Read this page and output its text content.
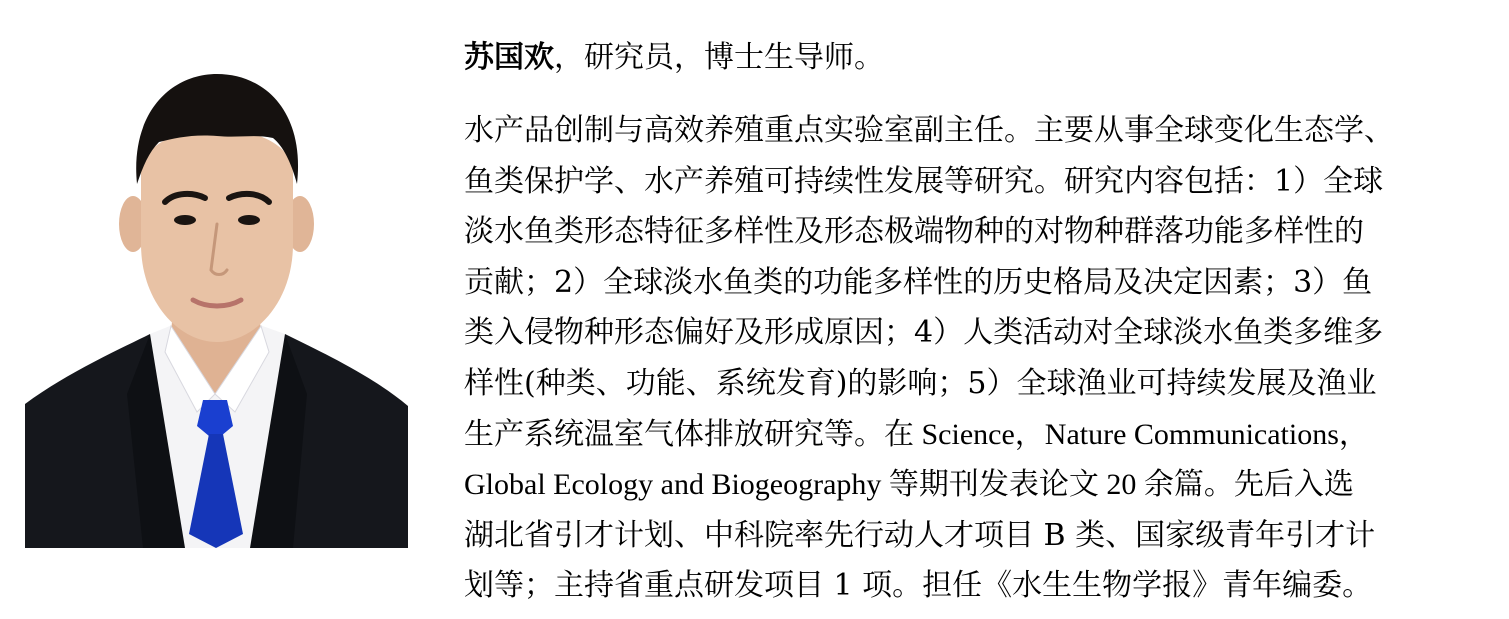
苏国欢，研究员，博士生导师。

水产品创制与高效养殖重点实验室副主任。主要从事全球变化生态学、

鱼类保护学、水产养殖可持续性发展等研究。研究内容包括：1）全球

淡水鱼类形态特征多样性及形态极端物种的对物种群落功能多样性的

贡献；2）全球淡水鱼类的功能多样性的历史格局及决定因素；3）鱼

类入侵物种形态偏好及形成原因；4）人类活动对全球淡水鱼类多维多

样性(种类、功能、系统发育)的影响；5）全球渔业可持续发展及渔业

生产系统温室气体排放研究等。在 Science，Nature Communications，

Global Ecology and Biogeography 等期刊发表论文 20 余篇。先后入选

湖北省引才计划、中科院率先行动人才项目 B 类、国家级青年引才计

划等；主持省重点研发项目 1 项。担任《水生生物学报》青年编委。
